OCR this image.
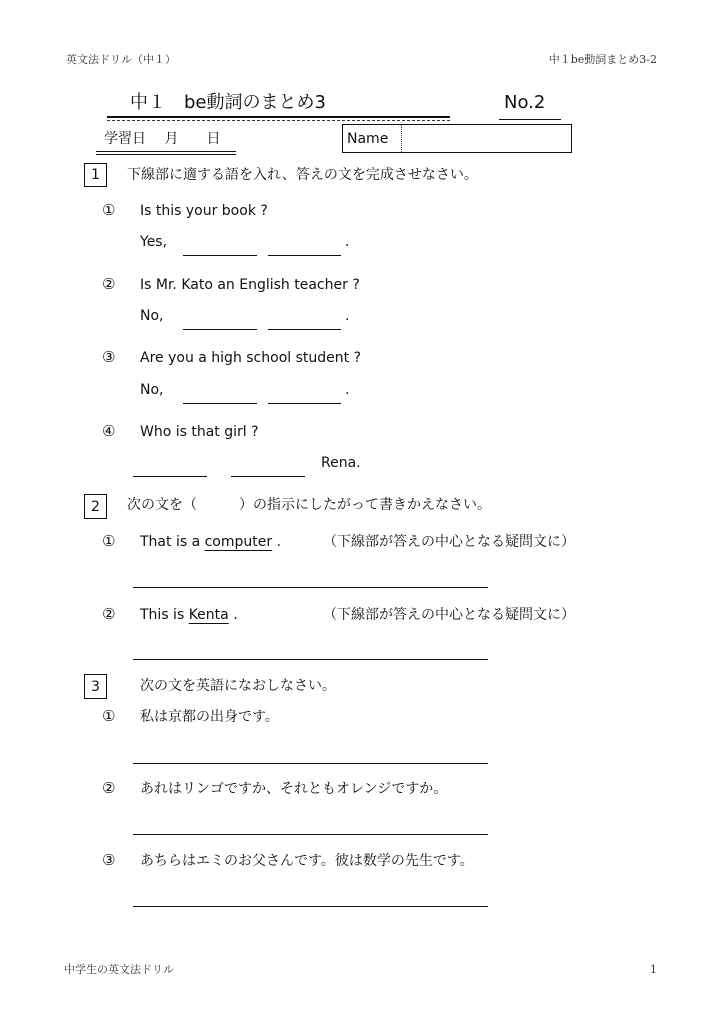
英文法ドリル（中１）	中１be動詞まとめ3-2
中１　be動詞のまとめ3	No.2
学習日　 月　　日	Name
1	下線部に適する語を入れ、答えの文を完成させなさい。
① Is this your book ?
Yes,	.
② Is Mr. Kato an English teacher ?
No,	.
③ Are you a high school student ?
No,	.
④ Who is that girl ?
Rena.
2	次の文を（　　　）の指示にしたがって書きかえなさい。
① That is a computer .	（下線部が答えの中心となる疑問文に）
② This is Kenta .	（下線部が答えの中心となる疑問文に）
3	次の文を英語になおしなさい。
① 私は京都の出身です。
② あれはリンゴですか、それともオレンジですか。
③ あちらはエミのお父さんです。彼は数学の先生です。
中学生の英文法ドリル	1
